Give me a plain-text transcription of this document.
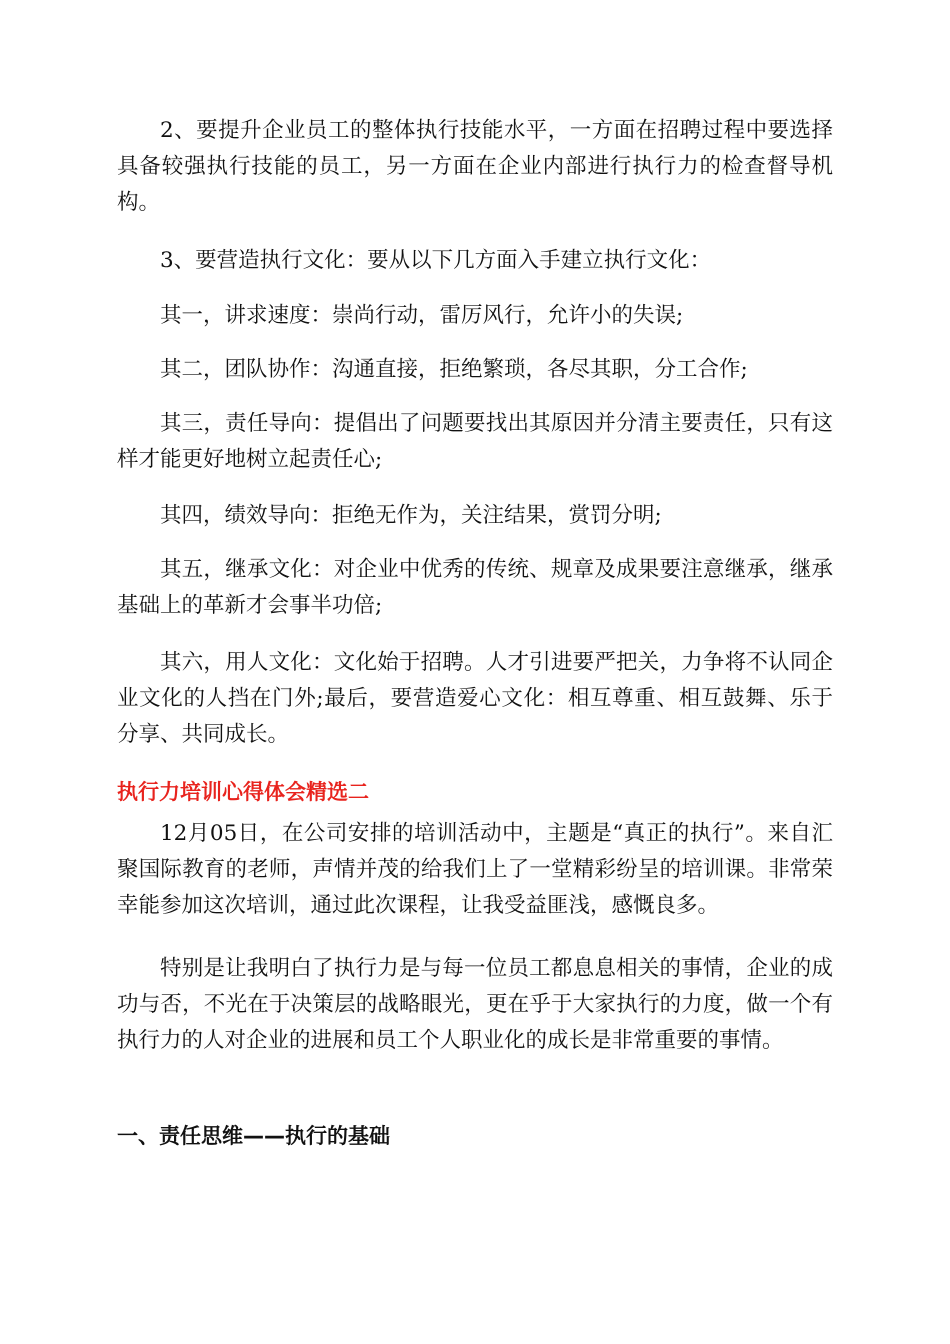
2、要提升企业员工的整体执行技能水平，一方面在招聘过程中要选择具备较强执行技能的员工，另一方面在企业内部进行执行力的检查督导机构。

3、要营造执行文化：要从以下几方面入手建立执行文化：

其一，讲求速度：崇尚行动，雷厉风行，允许小的失误;

其二，团队协作：沟通直接，拒绝繁琐，各尽其职，分工合作;

其三，责任导向：提倡出了问题要找出其原因并分清主要责任，只有这样才能更好地树立起责任心;

其四，绩效导向：拒绝无作为，关注结果，赏罚分明;

其五，继承文化：对企业中优秀的传统、规章及成果要注意继承，继承基础上的革新才会事半功倍;

其六，用人文化：文化始于招聘。人才引进要严把关，力争将不认同企业文化的人挡在门外;最后，要营造爱心文化：相互尊重、相互鼓舞、乐于分享、共同成长。

执行力培训心得体会精选二

12月05日，在公司安排的培训活动中，主题是“真正的执行”。来自汇聚国际教育的老师，声情并茂的给我们上了一堂精彩纷呈的培训课。非常荣幸能参加这次培训，通过此次课程，让我受益匪浅，感慨良多。

特别是让我明白了执行力是与每一位员工都息息相关的事情，企业的成功与否，不光在于决策层的战略眼光，更在乎于大家执行的力度，做一个有执行力的人对企业的进展和员工个人职业化的成长是非常重要的事情。

一、责任思维——执行的基础
